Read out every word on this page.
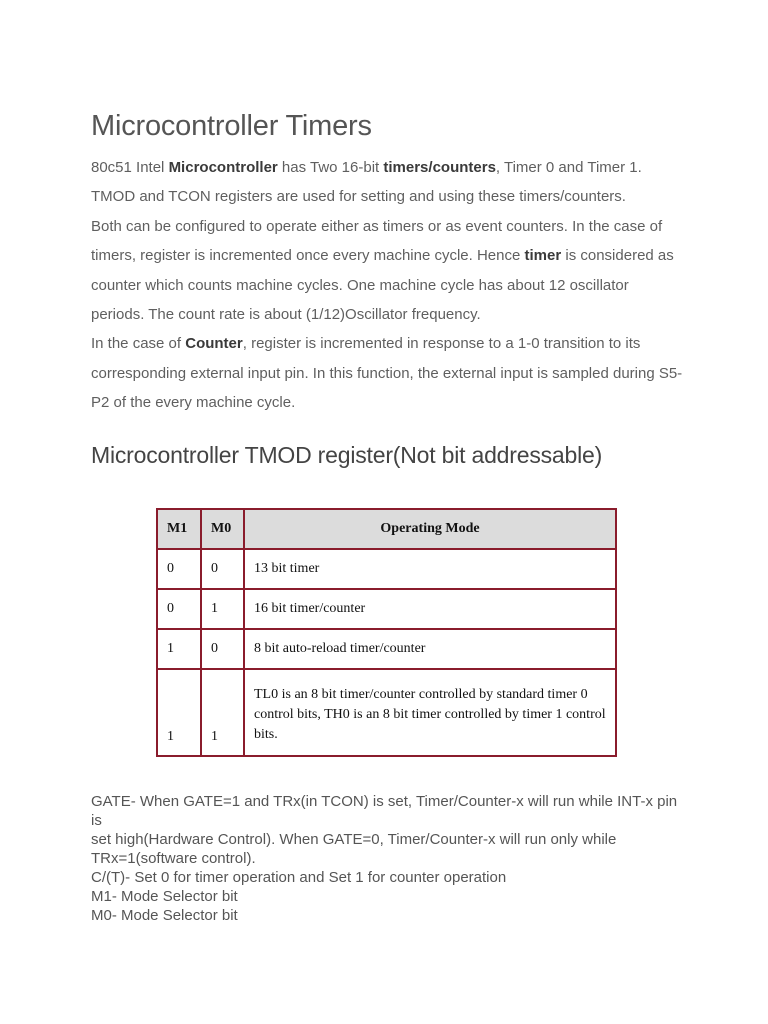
Microcontroller Timers

80c51 Intel Microcontroller has Two 16-bit timers/counters, Timer 0 and Timer 1. TMOD and TCON registers are used for setting and using these timers/counters.

Both can be configured to operate either as timers or as event counters. In the case of timers, register is incremented once every machine cycle. Hence timer is considered as counter which counts machine cycles. One machine cycle has about 12 oscillator periods. The count rate is about (1/12)Oscillator frequency.

In the case of Counter, register is incremented in response to a 1-0 transition to its corresponding external input pin. In this function, the external input is sampled during S5-P2 of the every machine cycle.

Microcontroller TMOD register(Not bit addressable)
M1	M0	Operating Mode
0	0	13 bit timer
0	1	16 bit timer/counter
1	0	8 bit auto-reload timer/counter
1	1	TL0 is an 8 bit timer/counter controlled by standard timer 0 control bits, TH0 is an 8 bit timer controlled by timer 1 control bits.
GATE- When GATE=1 and TRx(in TCON) is set, Timer/Counter-x will run while INT-x pin is
set high(Hardware Control). When GATE=0, Timer/Counter-x will run only while TRx=1(software control).
C/(T)- Set 0 for timer operation and Set 1 for counter operation
M1- Mode Selector bit
M0- Mode Selector bit
